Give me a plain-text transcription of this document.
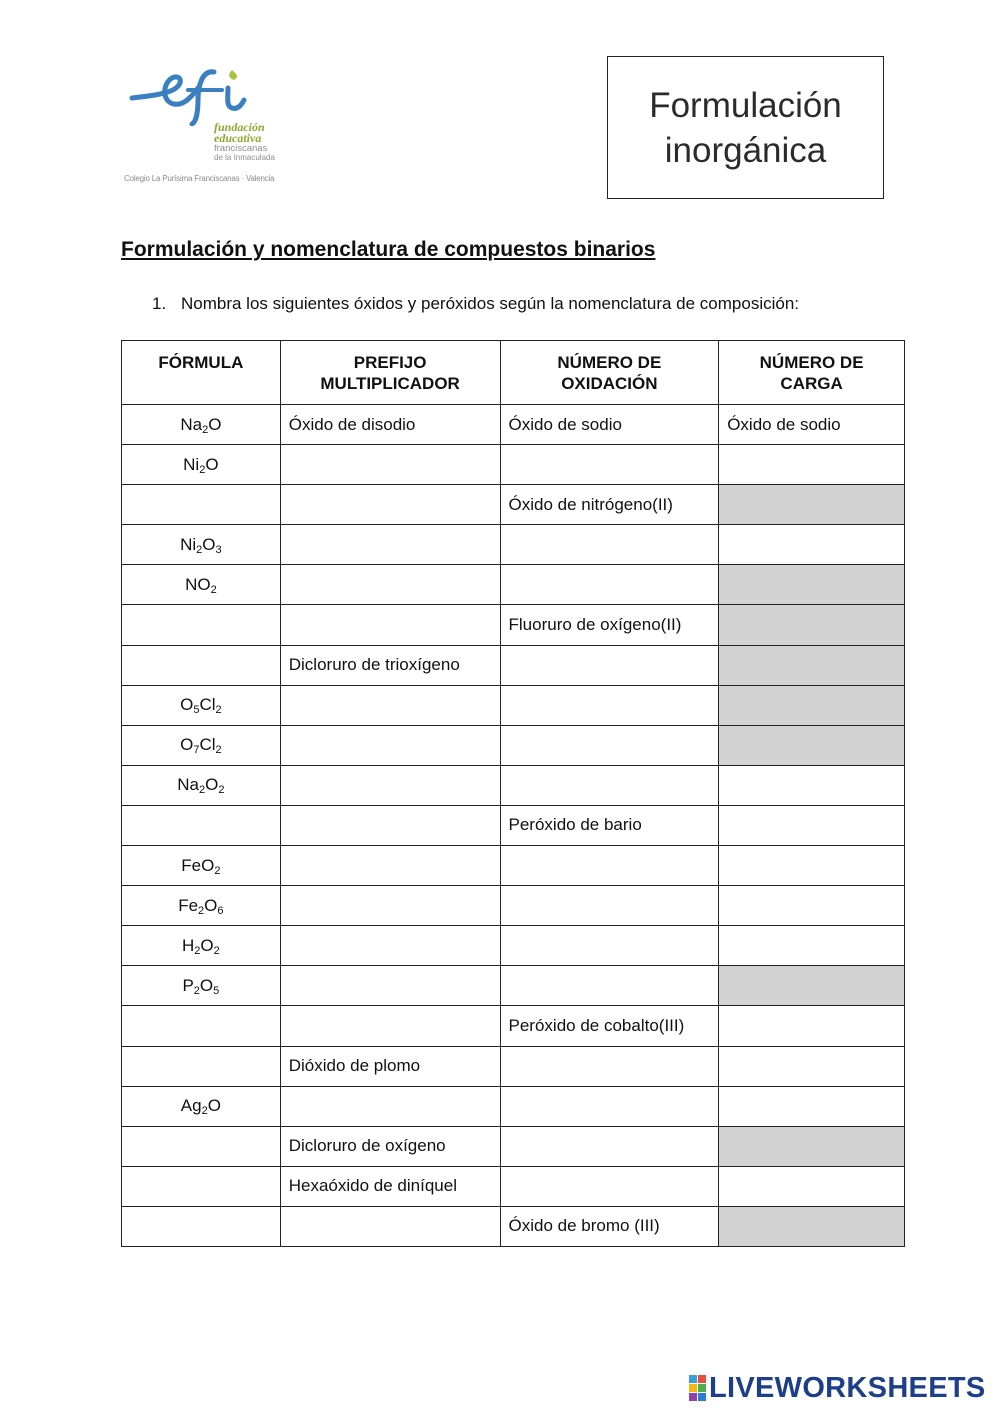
fundación
educativa
franciscanas
de la Inmaculada
Colegio La Purísima Franciscanas · Valencia
Formulación inorgánica
Formulación y nomenclatura de compuestos binarios
1. Nombra los siguientes óxidos y peróxidos según la nomenclatura de composición:
FÓRMULA	PREFIJO MULTIPLICADOR	NÚMERO DE OXIDACIÓN	NÚMERO DE CARGA

$Na_2O$	Óxido de disodio	Óxido de sodio	Óxido de sodio
$Ni_2O$			
		Óxido de nitrógeno(II)	
$Ni_2O_3$			
$NO_2$			
		Fluoruro de oxígeno(II)	
	Dicloruro de trioxígeno		
$O_5Cl_2$			
$O_7Cl_2$			
$Na_2O_2$			
		Peróxido de bario	
FeO$_2$			
$Fe_2O_6$			
$H_2O_2$			
$P_2O_5$			
		Peróxido de cobalto(III)	
	Dióxido de plomo		
$Ag_2O$			
	Dicloruro de oxígeno		
	Hexaóxido de diníquel		
		Óxido de bromo (III)	
LIVEWORKSHEETS
